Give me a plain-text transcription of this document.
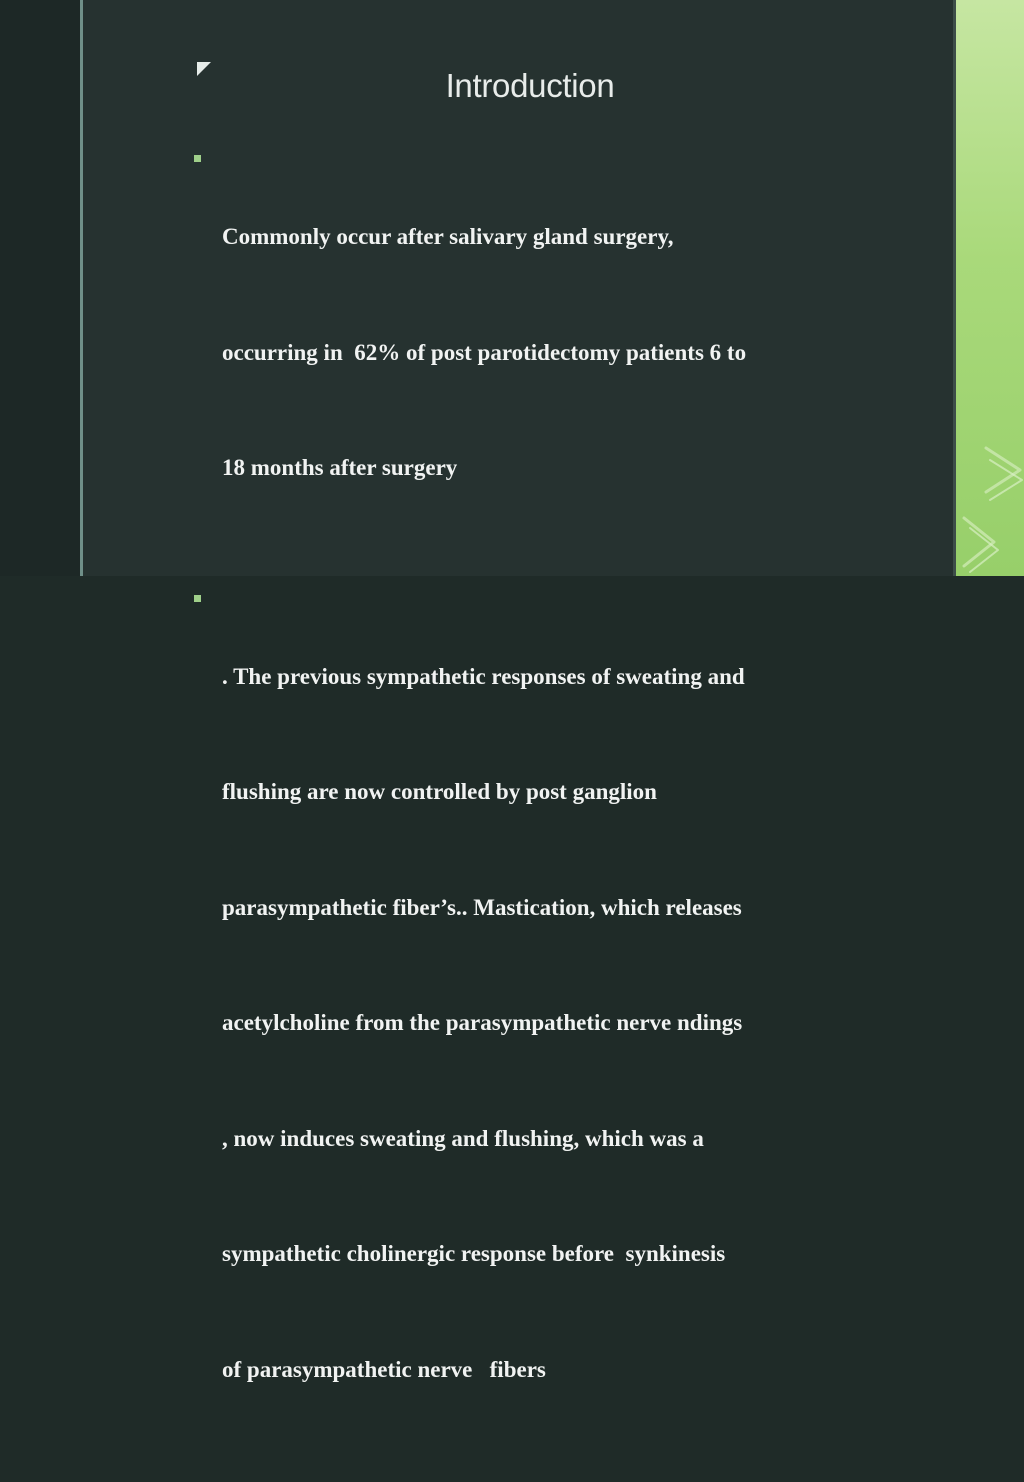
Introduction

Commonly occur after salivary gland surgery,

occurring in  62% of post parotidectomy patients 6 to

18 months after surgery

. The previous sympathetic responses of sweating and

flushing are now controlled by post ganglion

parasympathetic fiber’s.. Mastication, which releases

acetylcholine from the parasympathetic nerve ndings

, now induces sweating and flushing, which was a

sympathetic cholinergic response before  synkinesis

of parasympathetic nerve   fibers
